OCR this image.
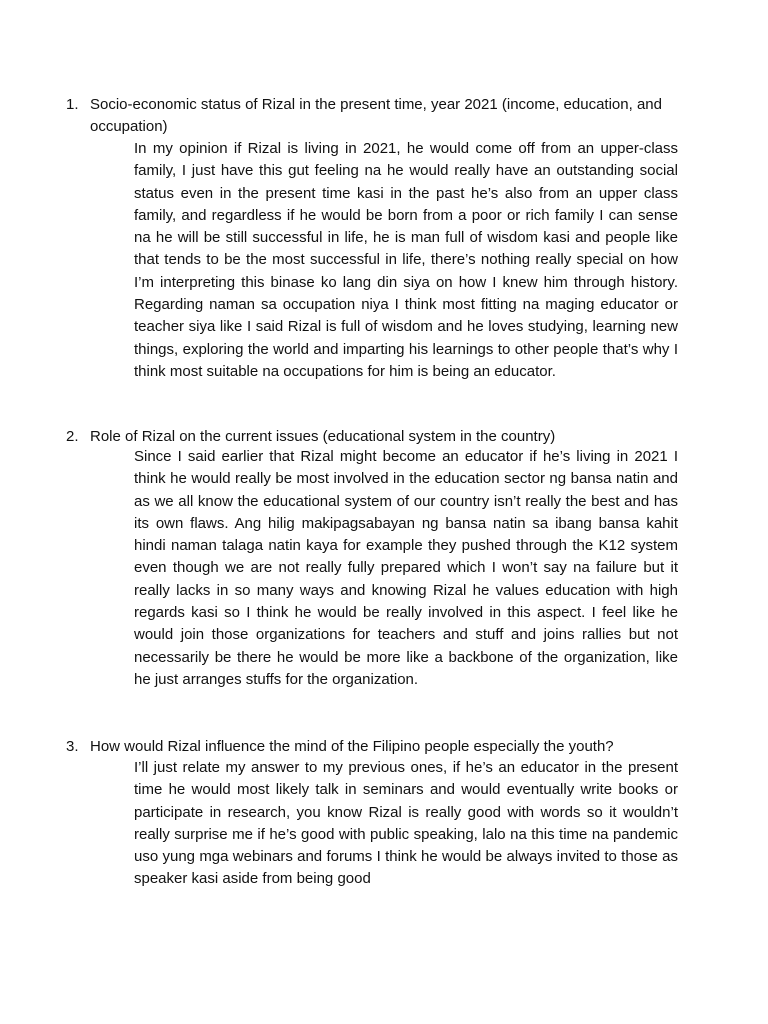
1. Socio-economic status of Rizal in the present time, year 2021 (income, education, and occupation)
In my opinion if Rizal is living in 2021, he would come off from an upper-class family, I just have this gut feeling na he would really have an outstanding social status even in the present time kasi in the past he’s also from an upper class family, and regardless if he would be born from a poor or rich family I can sense na he will be still successful in life, he is man full of wisdom kasi and people like that tends to be the most successful in life, there’s nothing really special on how I’m interpreting this binase ko lang din siya on how I knew him through history. Regarding naman sa occupation niya I think most fitting na maging educator or teacher siya like I said Rizal is full of wisdom and he loves studying, learning new things, exploring the world and imparting his learnings to other people that’s why I think most suitable na occupations for him is being an educator.
2. Role of Rizal on the current issues (educational system in the country)
Since I said earlier that Rizal might become an educator if he’s living in 2021 I think he would really be most involved in the education sector ng bansa natin and as we all know the educational system of our country isn’t really the best and has its own flaws. Ang hilig makipagsabayan ng bansa natin sa ibang bansa kahit hindi naman talaga natin kaya for example they pushed through the K12 system even though we are not really fully prepared which I won’t say na failure but it really lacks in so many ways and knowing Rizal he values education with high regards kasi so I think he would be really involved in this aspect. I feel like he would join those organizations for teachers and stuff and joins rallies but not necessarily be there he would be more like a backbone of the organization, like he just arranges stuffs for the organization.
3. How would Rizal influence the mind of the Filipino people especially the youth?
I’ll just relate my answer to my previous ones, if he’s an educator in the present time he would most likely talk in seminars and would eventually write books or participate in research, you know Rizal is really good with words so it wouldn’t really surprise me if he’s good with public speaking, lalo na this time na pandemic uso yung mga webinars and forums I think he would be always invited to those as speaker kasi aside from being good
